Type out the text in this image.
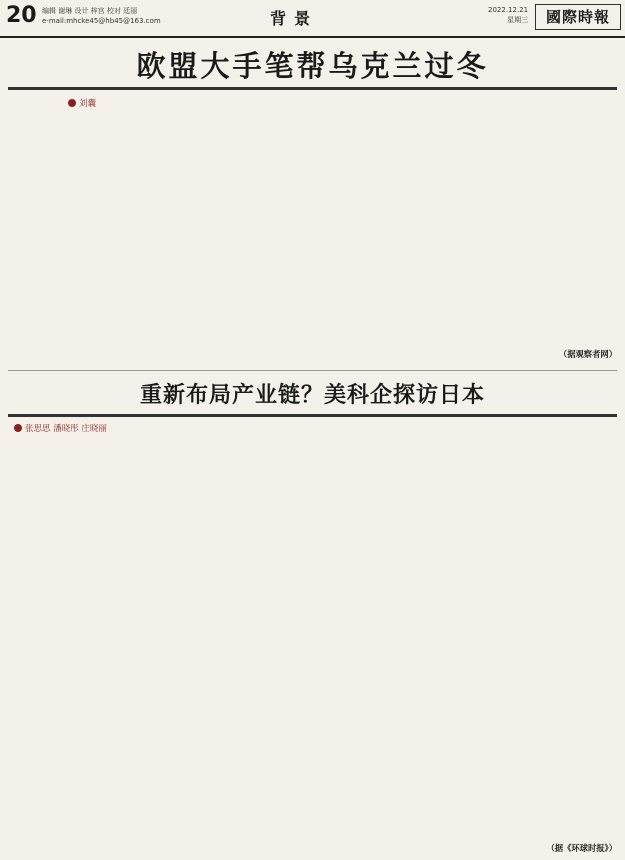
20 编辑 谢琳 设计 梓宫 校对 廷丽
e-mail:mhcke45@hb45@163.com	背景	2022.12.21
星期三	國際時報
欧盟大手笔帮乌克兰过冬
刘囊
（据观察者网）
重新布局产业链？美科企探访日本
张思思 潘晓彤 庄晓丽
（据《环球时报》）
